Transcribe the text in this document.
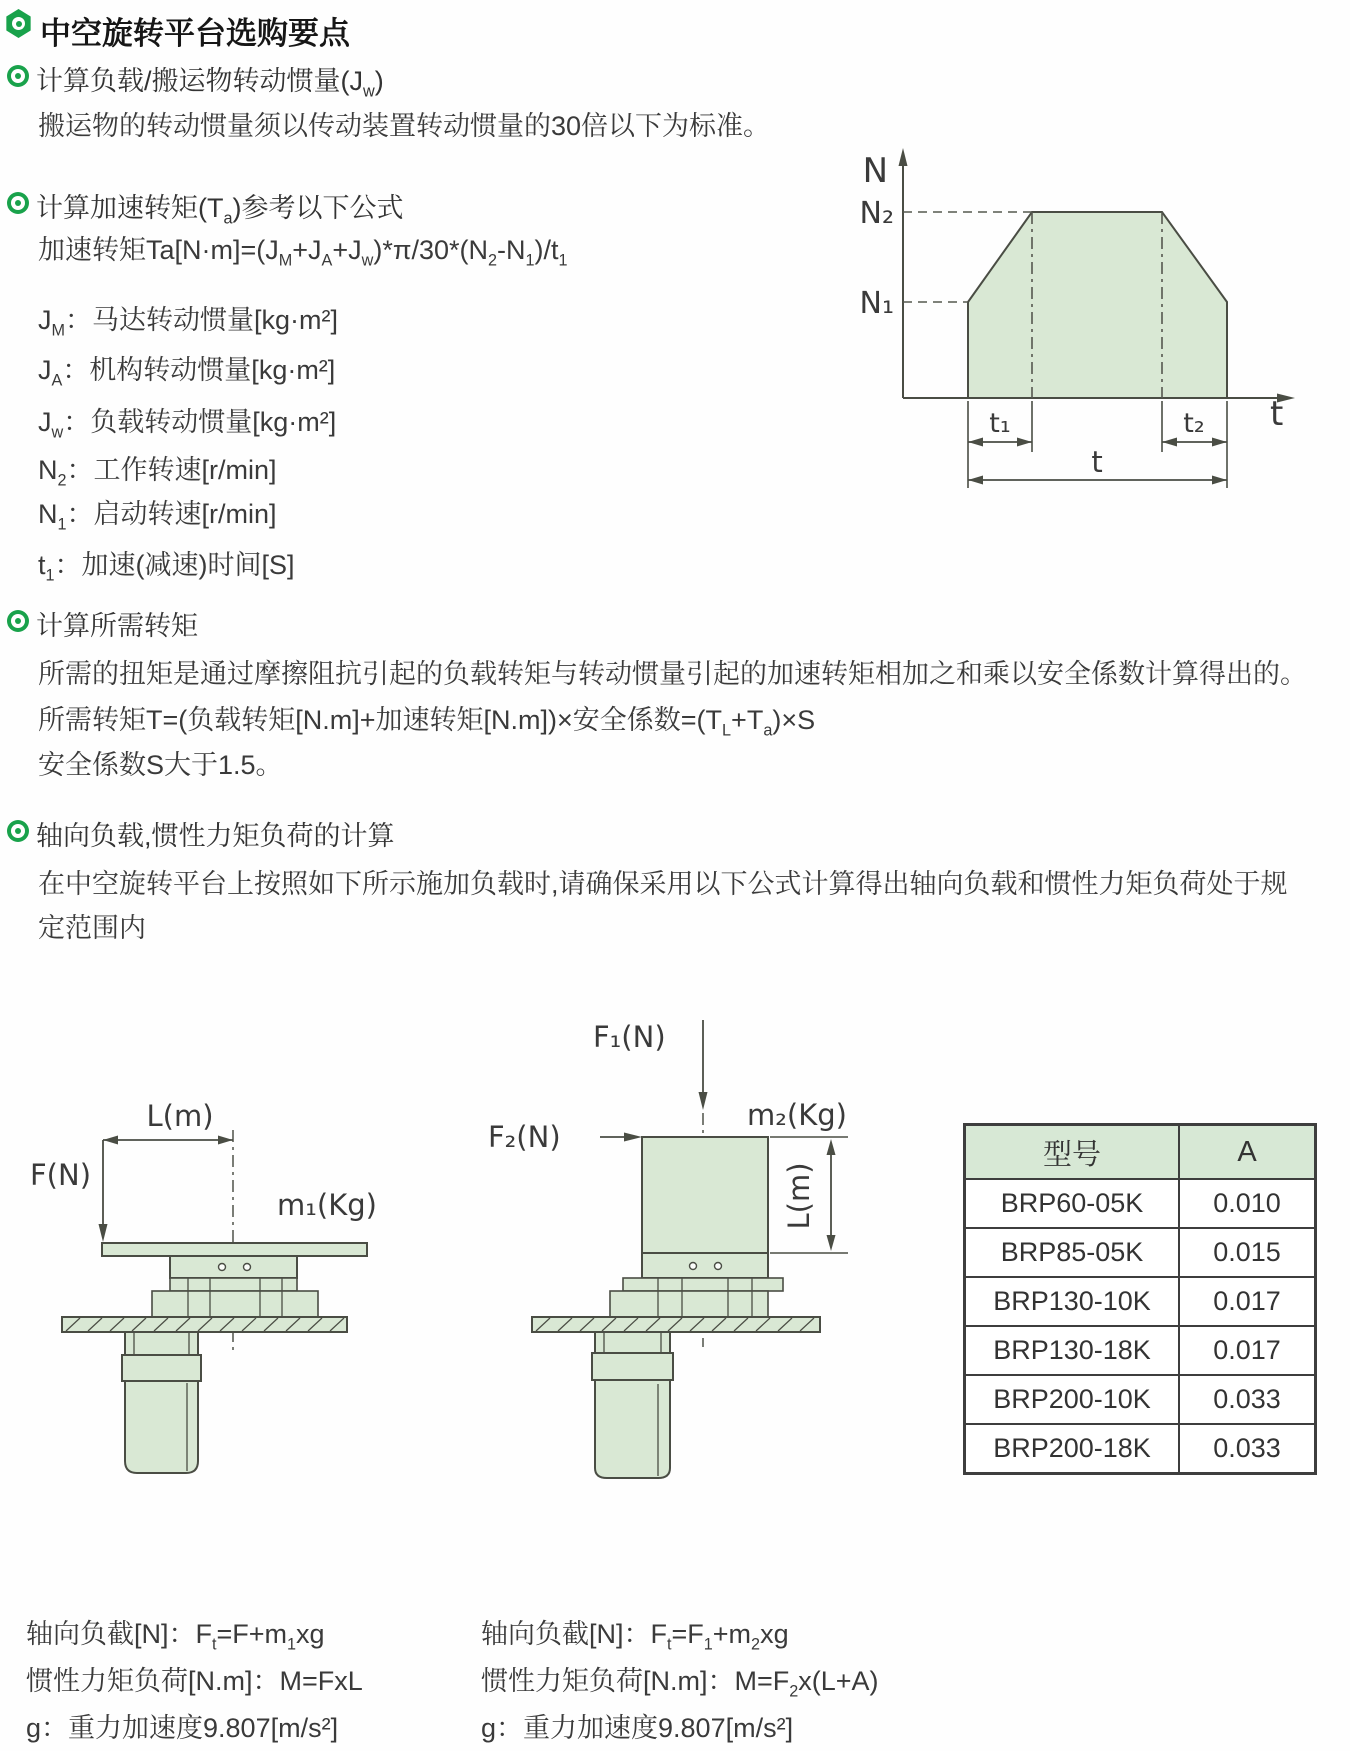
中空旋转平台选购要点
计算负载/搬运物转动惯量$(J_w)$
搬运物的转动惯量须以传动装置转动惯量的30倍以下为标准。
计算加速转矩$(T_a)$参考以下公式
加速转矩$Ta[N\cdot m]=(J_M+J_A+J_w)*\pi/30*(N_2-N_1)/t_1$
$J_M$：马达转动惯量[kg·m²]
$J_A$：机构转动惯量[kg·m²]
$J_w$：负载转动惯量[kg·m²]
$N_2$：工作转速[r/min]
$N_1$：启动转速[r/min]
$t_1$：加速(减速)时间[S]
计算所需转矩
所需的扭矩是通过摩擦阻抗引起的负载转矩与转动惯量引起的加速转矩相加之和乘以安全係数计算得出的。
所需转矩T=(负载转矩[N.m]+加速转矩[N.m])×安全係数$=(T_L+T_a)\times S$
安全係数S大于1.5。
轴向负载,惯性力矩负荷的计算
在中空旋转平台上按照如下所示施加负载时,请确保采用以下公式计算得出轴向负载和惯性力矩负荷处于规
定范围内
N
N₂
N₁
t₁	t₂
t
t
L(m)
F(N)
m₁(Kg)
F₁(N)
F₂(N)
m₂(Kg)
L(m)
型号	A
BRP60-05K	0.010
BRP85-05K	0.015
BRP130-10K	0.017
BRP130-18K	0.017
BRP200-10K	0.033
BRP200-18K	0.033
轴向负截[N]：$F_t=F+m_1xg$
惯性力矩负荷[N.m]：M=FxL
g：重力加速度9.807[m/s²]
轴向负截[N]：$F_t=F_1+m_2xg$
惯性力矩负荷[N.m]：$M=F_2x(L+A)$
g：重力加速度9.807[m/s²]
